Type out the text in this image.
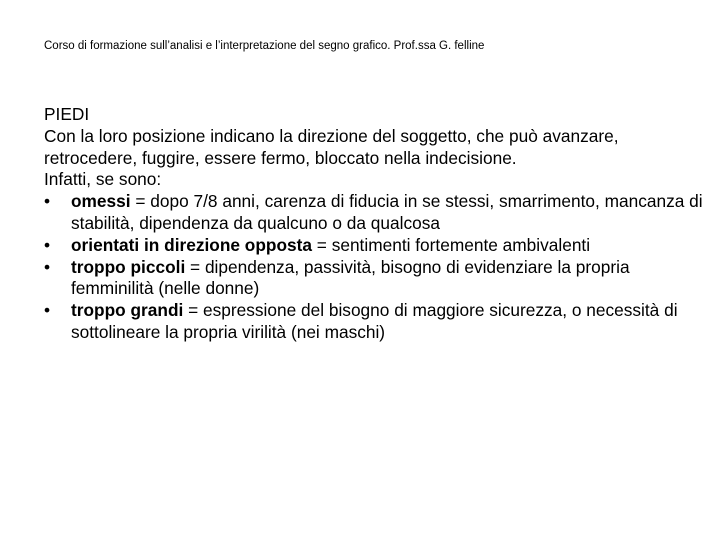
Corso di formazione sull’analisi e l’interpretazione del segno grafico. Prof.ssa G. felline

PIEDI

Con la loro posizione indicano la direzione del soggetto, che può avanzare, retrocedere, fuggire, essere fermo, bloccato nella indecisione.

Infatti, se sono:

• omessi = dopo 7/8 anni, carenza di fiducia in se stessi, smarrimento, mancanza di stabilità, dipendenza da qualcuno o da qualcosa
• orientati in direzione opposta = sentimenti fortemente ambivalenti
• troppo piccoli = dipendenza, passività, bisogno di evidenziare la propria femminilità (nelle donne)
• troppo grandi = espressione del bisogno di maggiore sicurezza, o necessità di sottolineare la propria virilità (nei maschi)
